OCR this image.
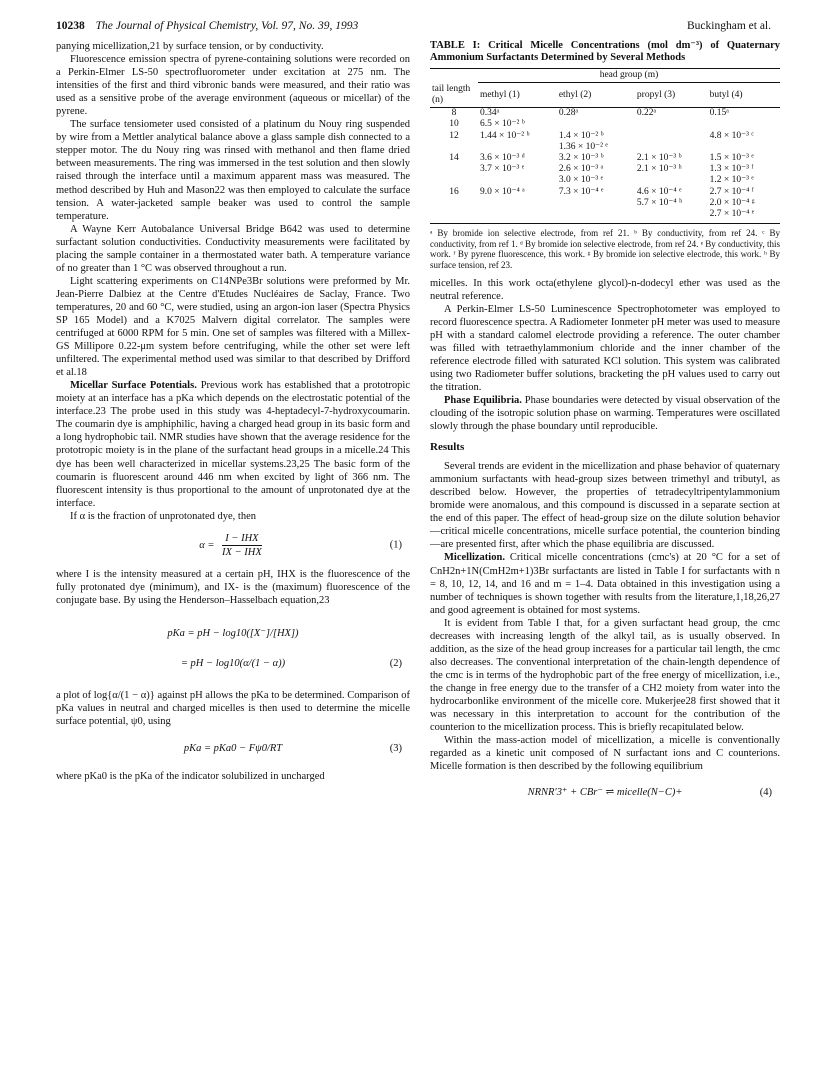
10238 The Journal of Physical Chemistry, Vol. 97, No. 39, 1993	Buckingham et al.

panying micellization,21 by surface tension, or by conductivity.

Fluorescence emission spectra of pyrene-containing solutions were recorded on a Perkin-Elmer LS-50 spectrofluorometer under excitation at 275 nm. The intensities of the first and third vibronic bands were measured, and their ratio was used as a sensitive probe of the average environment (aqueous or micellar) of the pyrene.

The surface tensiometer used consisted of a platinum du Nouy ring suspended by wire from a Mettler analytical balance above a glass sample dish connected to a stepper motor. The du Nouy ring was rinsed with methanol and then flame dried between measurements. The ring was immersed in the test solution and then slowly raised through the interface until a maximum apparent mass was measured. The method described by Huh and Mason22 was then employed to calculate the surface tension. A water-jacketed sample beaker was used to control the sample temperature.

A Wayne Kerr Autobalance Universal Bridge B642 was used to determine surfactant solution conductivities. Conductivity measurements were facilitated by placing the sample container in a thermostated water bath. A temperature variance of no greater than 1 °C was observed throughout a run.

Light scattering experiments on C14NPe3Br solutions were preformed by Mr. Jean-Pierre Dalbiez at the Centre d'Etudes Nucléaires de Saclay, France. Two temperatures, 20 and 60 °C, were studied, using an argon-ion laser (Spectra Physics SP 165 Model) and a K7025 Malvern digital correlator. The samples were centrifuged at 6000 RPM for 5 min. One set of samples was filtered with a Millex-GS Millipore 0.22-μm system before centrifuging, while the other set were left unfiltered. The experimental method used was similar to that described by Drifford et al.18

Micellar Surface Potentials. Previous work has established that a prototropic moiety at an interface has a pKa which depends on the electrostatic potential of the interface.23 The probe used in this study was 4-heptadecyl-7-hydroxycoumarin. The coumarin dye is amphiphilic, having a charged head group in its basic form and a long hydrophobic tail. NMR studies have shown that the average residence for the prototropic moiety is in the plane of the surfactant head groups in a micelle.24 This dye has been well characterized in micellar systems.23,25 The basic form of the coumarin is fluorescent around 446 nm when excited by light of 366 nm. The fluorescent intensity is thus proportional to the amount of unprotonated dye at the interface.

If α is the fraction of unprotonated dye, then

$\alpha = \frac{\text{I − IHX}}{\text{IX − IHX}}$	(1)

where I is the intensity measured at a certain pH, IHX is the fluorescence of the fully protonated dye (minimum), and IX- is the (maximum) fluorescence of the conjugate base. By using the Henderson–Hasselbach equation,23

pKa = pH − log10([X⁻]/[HX])
= pH − log10(α/(1 − α))	(2)

a plot of log{α/(1 − α)} against pH allows the pKa to be determined. Comparison of pKa values in neutral and charged micelles is then used to determine the micelle surface potential, ψ0, using

pKa = pKa0 − Fψ0/RT	(3)

where pKa0 is the pKa of the indicator solubilized in uncharged

TABLE I: Critical Micelle Concentrations (mol dm⁻³) of Quaternary Ammonium Surfactants Determined by Several Methods
	head group (m)			
tail length (n)	methyl (1)	ethyl (2)	propyl (3)	butyl (4)
8	0.34ᵃ	0.28ᵃ	0.22ᵃ	0.15ᵃ
10	6.5 × 10⁻² ᵇ			
12	1.44 × 10⁻² ᵇ	1.4 × 10⁻² ᵇ		4.8 × 10⁻³ ᶜ
		1.36 × 10⁻² ᵉ		
14	3.6 × 10⁻³ ᵈ	3.2 × 10⁻³ ᵇ	2.1 × 10⁻³ ᵇ	1.5 × 10⁻³ ᵉ
	3.7 × 10⁻³ ᵉ	2.6 × 10⁻³ ᵃ	2.1 × 10⁻³ ʰ	1.3 × 10⁻³ ᶠ
		3.0 × 10⁻³ ᵉ		1.2 × 10⁻³ ᵉ
16	9.0 × 10⁻⁴ ᵃ	7.3 × 10⁻⁴ ᵉ	4.6 × 10⁻⁴ ᵉ	2.7 × 10⁻⁴ ᶠ
			5.7 × 10⁻⁴ ʰ	2.0 × 10⁻⁴ ᵍ
				2.7 × 10⁻⁴ ᵉ
ᵃ By bromide ion selective electrode, from ref 21. ᵇ By conductivity, from ref 24. ᶜ By conductivity, from ref 1. ᵈ By bromide ion selective electrode, from ref 24. ᵉ By conductivity, this work. ᶠ By pyrene fluorescence, this work. ᵍ By bromide ion selective electrode, this work. ʰ By surface tension, ref 23.

micelles. In this work octa(ethylene glycol)-n-dodecyl ether was used as the neutral reference.

A Perkin-Elmer LS-50 Luminescence Spectrophotometer was employed to record fluorescence spectra. A Radiometer Ionmeter pH meter was used to measure pH with a standard calomel electrode providing a reference. The outer chamber was filled with tetraethylammonium chloride and the inner chamber of the reference electrode filled with saturated KCl solution. This system was calibrated using two Radiometer buffer solutions, bracketing the pH values used to carry out the titration.

Phase Equilibria. Phase boundaries were detected by visual observation of the clouding of the isotropic solution phase on warming. Temperatures were oscillated slowly through the phase boundary until reproducible.

Results

Several trends are evident in the micellization and phase behavior of quaternary ammonium surfactants with head-group sizes between trimethyl and tributyl, as described below. However, the properties of tetradecyltripentylammonium bromide were anomalous, and this compound is discussed in a separate section at the end of this paper. The effect of head-group size on the dilute solution behavior—critical micelle concentrations, micelle surface potential, the counterion binding—are presented first, after which the phase equilibria are discussed.

Micellization. Critical micelle concentrations (cmc's) at 20 °C for a set of CnH2n+1N(CmH2m+1)3Br surfactants are listed in Table I for surfactants with n = 8, 10, 12, 14, and 16 and m = 1–4. Data obtained in this investigation using a number of techniques is shown together with results from the literature,1,18,26,27 and good agreement is obtained for most systems.

It is evident from Table I that, for a given surfactant head group, the cmc decreases with increasing length of the alkyl tail, as is usually observed. In addition, as the size of the head group increases for a particular tail length, the cmc also decreases. The conventional interpretation of the chain-length dependence of the cmc is in terms of the hydrophobic part of the free energy of micellization, i.e., the change in free energy due to the transfer of a CH2 moiety from water into the hydrocarbonlike environment of the micelle core. Mukerjee28 first showed that it was necessary in this interpretation to account for the contribution of the counterion to the micellization process. This is briefly recapitulated below.

Within the mass-action model of micellization, a micelle is conventionally regarded as a kinetic unit composed of N surfactant ions and C counterions. Micelle formation is then described by the following equilibrium

NRNR′3⁺ + CBr⁻ ⇌ micelle(N−C)+	(4)
